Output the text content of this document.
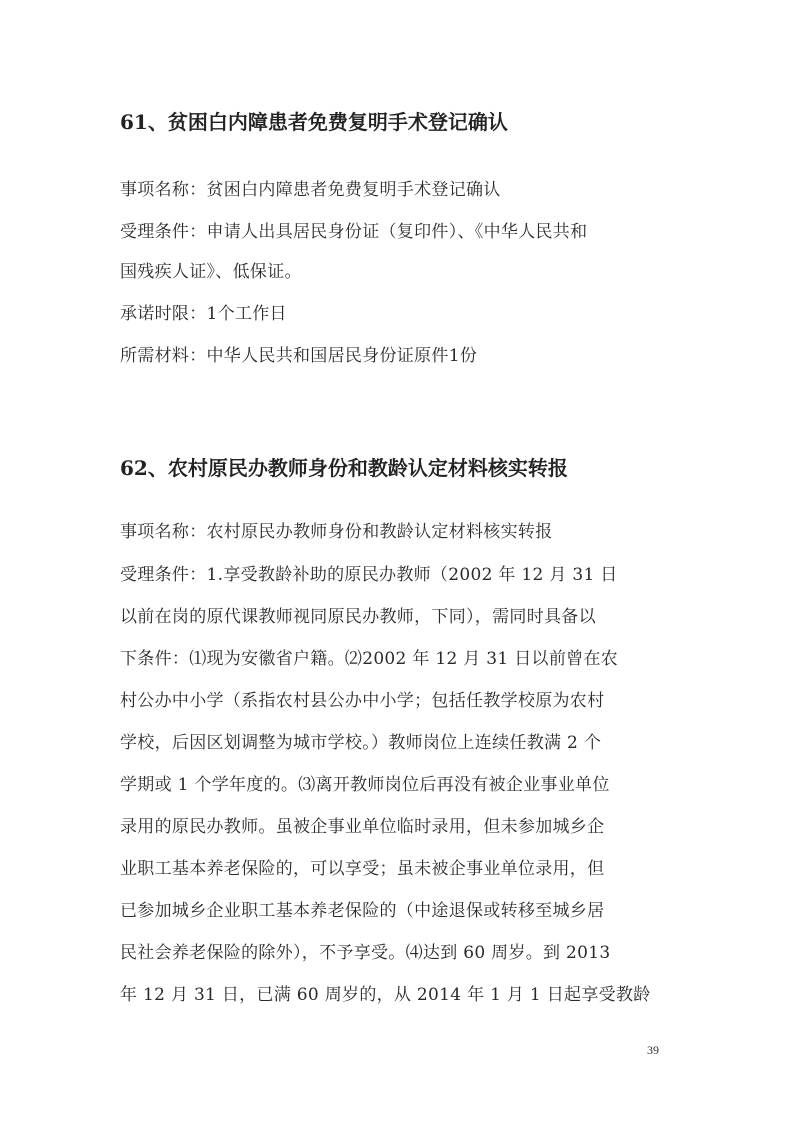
61、贫困白内障患者免费复明手术登记确认
事项名称：贫困白内障患者免费复明手术登记确认
受理条件：申请人出具居民身份证（复印件）、《中华人民共和
国残疾人证》、低保证。
承诺时限：1个工作日
所需材料：中华人民共和国居民身份证原件1份
62、农村原民办教师身份和教龄认定材料核实转报
事项名称：农村原民办教师身份和教龄认定材料核实转报
受理条件：1.享受教龄补助的原民办教师（2002 年 12 月 31 日
以前在岗的原代课教师视同原民办教师，下同），需同时具备以
下条件：⑴现为安徽省户籍。⑵2002 年 12 月 31 日以前曾在农
村公办中小学（系指农村县公办中小学；包括任教学校原为农村
学校，后因区划调整为城市学校。）教师岗位上连续任教满 2 个
学期或 1 个学年度的。⑶离开教师岗位后再没有被企业事业单位
录用的原民办教师。虽被企事业单位临时录用，但未参加城乡企
业职工基本养老保险的，可以享受；虽未被企事业单位录用，但
已参加城乡企业职工基本养老保险的（中途退保或转移至城乡居
民社会养老保险的除外），不予享受。⑷达到 60 周岁。到 2013
年 12 月 31 日，已满 60 周岁的，从 2014 年 1 月 1 日起享受教龄
39
